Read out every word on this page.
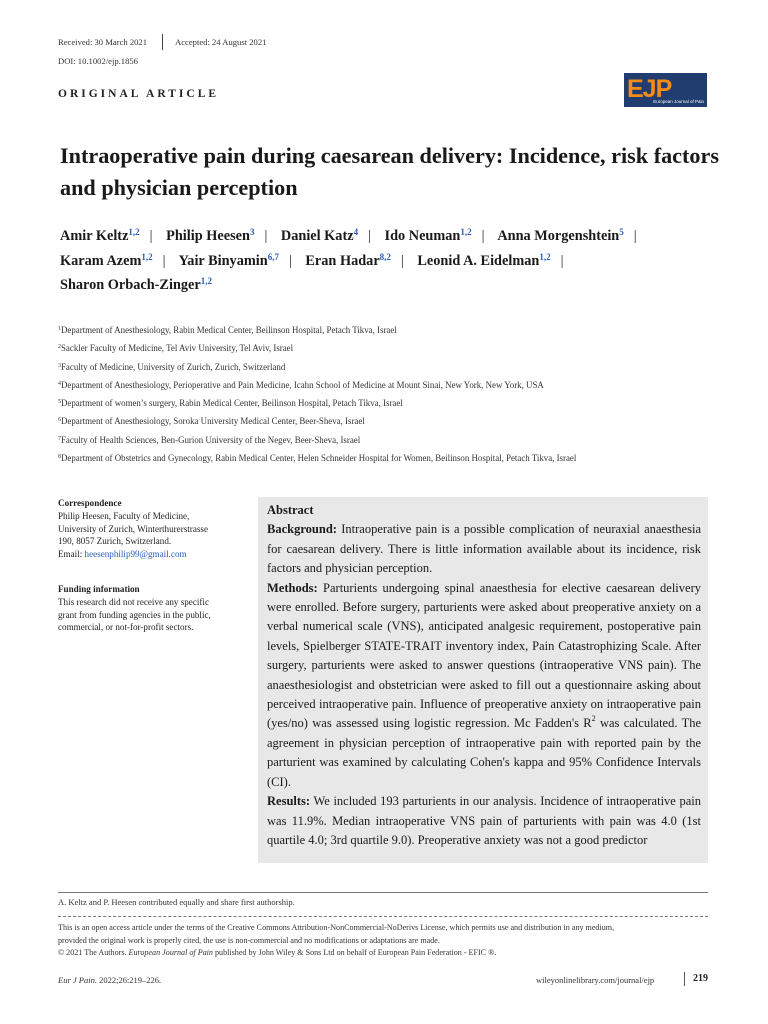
Received: 30 March 2021	Accepted: 24 August 2021
DOI: 10.1002/ejp.1856
ORIGINAL ARTICLE	EJP
European Journal of Pain
Intraoperative pain during caesarean delivery: Incidence, risk factors and physician perception
Amir Keltz$^{1,2}$ | Philip Heesen$^3$ | Daniel Katz$^4$ | Ido Neuman$^{1,2}$ | Anna Morgenshtein$^5$ |
Karam Azem$^{1,2}$ | Yair Binyamin$^{6,7}$ | Eran Hadar$^{8,2}$ | Leonid A. Eidelman$^{1,2}$ |
Sharon Orbach-Zinger$^{1,2}$

$^1$Department of Anesthesiology, Rabin Medical Center, Beilinson Hospital, Petach Tikva, Israel

$^2$Sackler Faculty of Medicine, Tel Aviv University, Tel Aviv, Israel

$^3$Faculty of Medicine, University of Zurich, Zurich, Switzerland

$^4$Department of Anesthesiology, Perioperative and Pain Medicine, Icahn School of Medicine at Mount Sinai, New York, New York, USA

$^5$Department of women’s surgery, Rabin Medical Center, Beilinson Hospital, Petach Tikva, Israel

$^6$Department of Anesthesiology, Soroka University Medical Center, Beer-Sheva, Israel

$^7$Faculty of Health Sciences, Ben-Gurion University of the Negev, Beer-Sheva, Israel

$^8$Department of Obstetrics and Gynecology, Rabin Medical Center, Helen Schneider Hospital for Women, Beilinson Hospital, Petach Tikva, Israel

Correspondence
Philip Heesen, Faculty of Medicine,
University of Zurich, Winterthurerstrasse
190, 8057 Zurich, Switzerland.
Email: heesenphilip99@gmail.com
Funding information
This research did not receive any specific
grant from funding agencies in the public,
commercial, or not-for-profit sectors.
Abstract

Background: Intraoperative pain is a possible complication of neuraxial anaesthesia for caesarean delivery. There is little information available about its incidence, risk factors and physician perception.

Methods: Parturients undergoing spinal anaesthesia for elective caesarean delivery were enrolled. Before surgery, parturients were asked about preoperative anxiety on a verbal numerical scale (VNS), anticipated analgesic requirement, postoperative pain levels, Spielberger STATE-TRAIT inventory index, Pain Catastrophizing Scale. After surgery, parturients were asked to answer questions (intraoperative VNS pain). The anaesthesiologist and obstetrician were asked to fill out a questionnaire asking about perceived intraoperative pain. Influence of preoperative anxiety on intraoperative pain (yes/no) was assessed using logistic regression. Mc Fadden's $R^2$ was calculated. The agreement in physician perception of intraoperative pain with reported pain by the parturient was examined by calculating Cohen's kappa and 95% Confidence Intervals (CI).

Results: We included 193 parturients in our analysis. Incidence of intraoperative pain was 11.9%. Median intraoperative VNS pain of parturients with pain was 4.0 (1st quartile 4.0; 3rd quartile 9.0). Preoperative anxiety was not a good predictor

A. Keltz and P. Heesen contributed equally and share first authorship.
This is an open access article under the terms of the Creative Commons Attribution-NonCommercial-NoDerivs License, which permits use and distribution in any medium,
provided the original work is properly cited, the use is non-commercial and no modifications or adaptations are made.
© 2021 The Authors. European Journal of Pain published by John Wiley & Sons Ltd on behalf of European Pain Federation - EFIC ®.
Eur J Pain. 2022;26:219–226.	wileyonlinelibrary.com/journal/ejp	219
